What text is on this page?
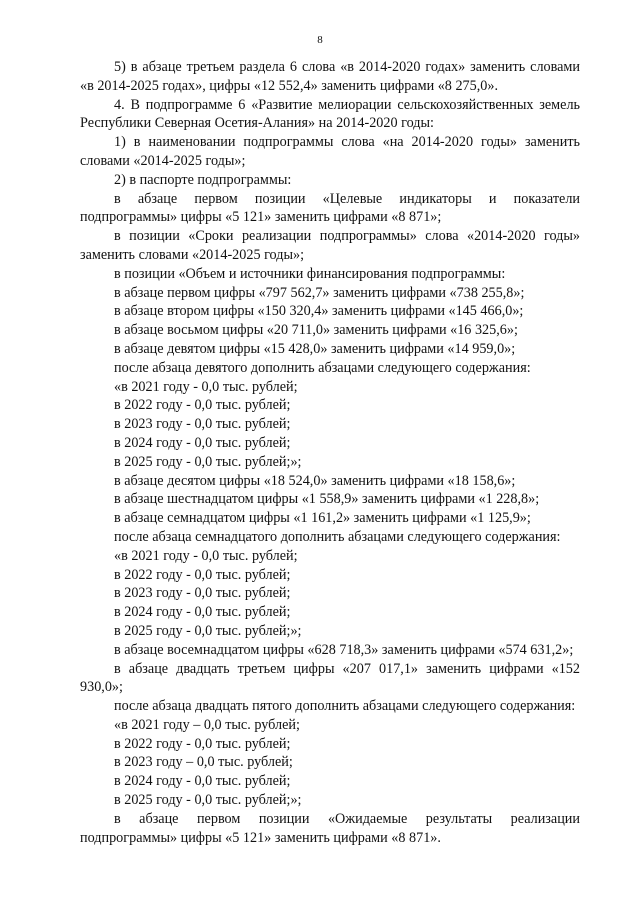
8

5) в абзаце третьем раздела 6 слова «в 2014-2020 годах» заменить словами «в 2014-2025 годах», цифры «12 552,4» заменить цифрами «8 275,0».

4. В подпрограмме 6 «Развитие мелиорации сельскохозяйственных земель Республики Северная Осетия-Алания» на 2014-2020 годы:

1) в наименовании подпрограммы слова «на 2014-2020 годы» заменить словами «2014-2025 годы»;

2) в паспорте подпрограммы:

в абзаце первом позиции «Целевые индикаторы и показатели подпрограммы» цифры «5 121» заменить цифрами «8 871»;

в позиции «Сроки реализации подпрограммы» слова «2014-2020 годы» заменить словами «2014-2025 годы»;

в позиции «Объем и источники финансирования подпрограммы:
в абзаце первом цифры «797 562,7» заменить цифрами «738 255,8»;
в абзаце втором цифры «150 320,4» заменить цифрами «145 466,0»;
в абзаце восьмом цифры «20 711,0» заменить цифрами «16 325,6»;
в абзаце девятом цифры «15 428,0» заменить цифрами «14 959,0»;
после абзаца девятого дополнить абзацами следующего содержания:
«в 2021 году - 0,0 тыс. рублей;
в 2022 году - 0,0 тыс. рублей;
в 2023 году - 0,0 тыс. рублей;
в 2024 году - 0,0 тыс. рублей;
в 2025 году - 0,0 тыс. рублей;»;
в абзаце десятом цифры «18 524,0» заменить цифрами «18 158,6»;
в абзаце шестнадцатом цифры «1 558,9» заменить цифрами «1 228,8»;
в абзаце семнадцатом цифры «1 161,2» заменить цифрами «1 125,9»;

после абзаца семнадцатого дополнить абзацами следующего содержания:

«в 2021 году - 0,0 тыс. рублей;
в 2022 году - 0,0 тыс. рублей;
в 2023 году - 0,0 тыс. рублей;
в 2024 году - 0,0 тыс. рублей;
в 2025 году - 0,0 тыс. рублей;»;

в абзаце восемнадцатом цифры «628 718,3» заменить цифрами «574 631,2»;

в абзаце двадцать третьем цифры «207 017,1» заменить цифрами «152 930,0»;

после абзаца двадцать пятого дополнить абзацами следующего содержания:

«в 2021 году – 0,0 тыс. рублей;
в 2022 году - 0,0 тыс. рублей;
в 2023 году – 0,0 тыс. рублей;
в 2024 году - 0,0 тыс. рублей;
в 2025 году - 0,0 тыс. рублей;»;

в абзаце первом позиции «Ожидаемые результаты реализации подпрограммы» цифры «5 121» заменить цифрами «8 871».
